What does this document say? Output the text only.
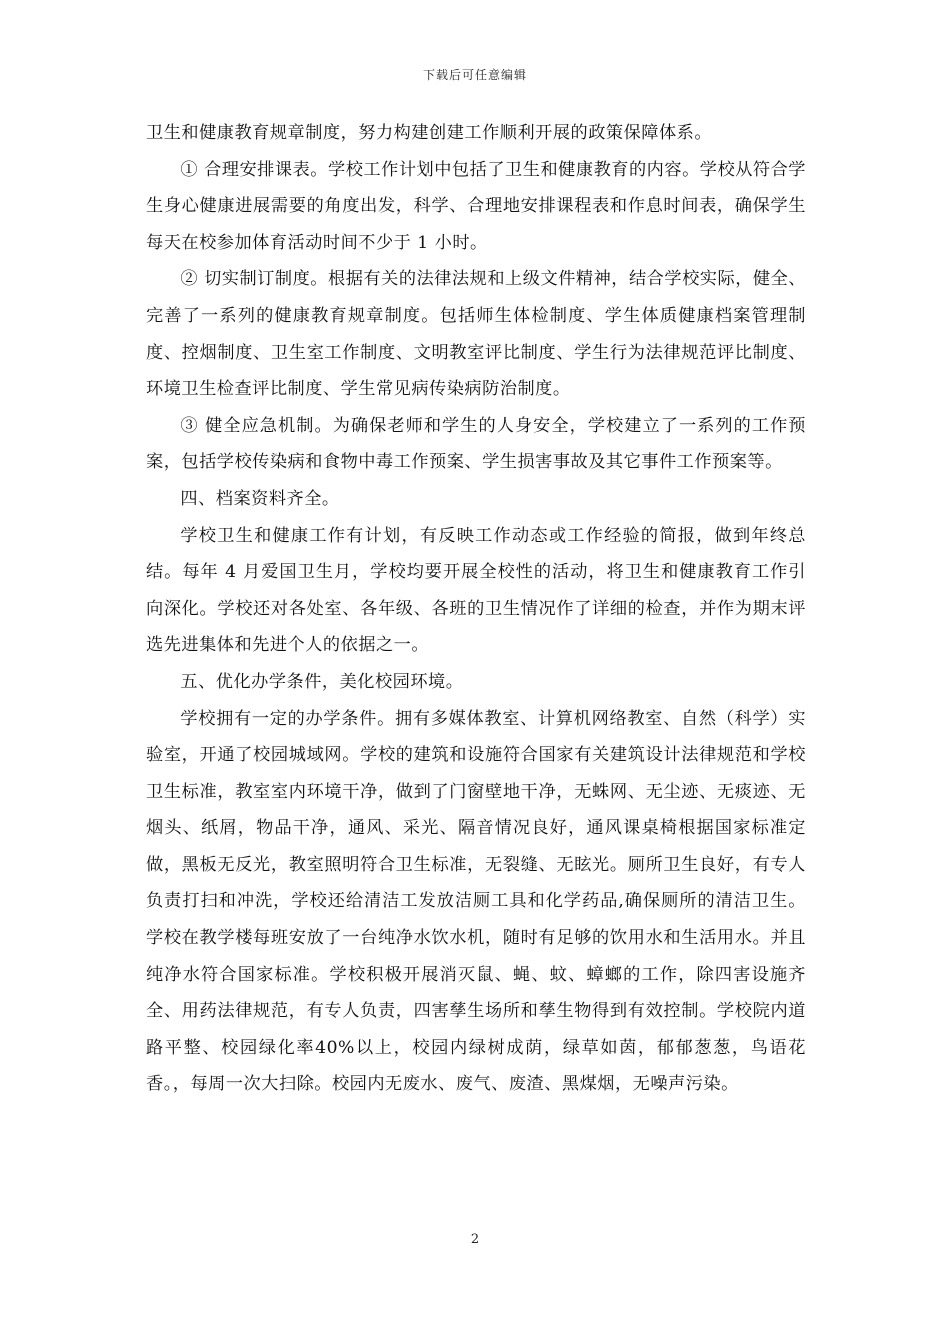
下载后可任意编辑

卫生和健康教育规章制度，努力构建创建工作顺利开展的政策保障体系。

① 合理安排课表。学校工作计划中包括了卫生和健康教育的内容。学校从符合学生身心健康进展需要的角度出发，科学、合理地安排课程表和作息时间表，确保学生每天在校参加体育活动时间不少于 1 小时。

② 切实制订制度。根据有关的法律法规和上级文件精神，结合学校实际，健全、完善了一系列的健康教育规章制度。包括师生体检制度、学生体质健康档案管理制度、控烟制度、卫生室工作制度、文明教室评比制度、学生行为法律规范评比制度、环境卫生检查评比制度、学生常见病传染病防治制度。

③ 健全应急机制。为确保老师和学生的人身安全，学校建立了一系列的工作预案，包括学校传染病和食物中毒工作预案、学生损害事故及其它事件工作预案等。

四、档案资料齐全。

学校卫生和健康工作有计划，有反映工作动态或工作经验的简报，做到年终总结。每年 4 月爱国卫生月，学校均要开展全校性的活动，将卫生和健康教育工作引向深化。学校还对各处室、各年级、各班的卫生情况作了详细的检查，并作为期末评选先进集体和先进个人的依据之一。

五、优化办学条件，美化校园环境。

学校拥有一定的办学条件。拥有多媒体教室、计算机网络教室、自然（科学）实验室，开通了校园城域网。学校的建筑和设施符合国家有关建筑设计法律规范和学校卫生标准，教室室内环境干净，做到了门窗壁地干净，无蛛网、无尘迹、无痰迹、无烟头、纸屑，物品干净，通风、采光、隔音情况良好，通风课桌椅根据国家标准定做，黑板无反光，教室照明符合卫生标准，无裂缝、无眩光。厕所卫生良好，有专人负责打扫和冲洗，学校还给清洁工发放洁厕工具和化学药品,确保厕所的清洁卫生。学校在教学楼每班安放了一台纯净水饮水机，随时有足够的饮用水和生活用水。并且纯净水符合国家标准。学校积极开展消灭鼠、蝇、蚊、蟑螂的工作，除四害设施齐全、用药法律规范，有专人负责，四害孳生场所和孳生物得到有效控制。学校院内道路平整、校园绿化率40%以上，校园内绿树成荫，绿草如茵，郁郁葱葱，鸟语花香。，每周一次大扫除。校园内无废水、废气、废渣、黑煤烟，无噪声污染。

2
